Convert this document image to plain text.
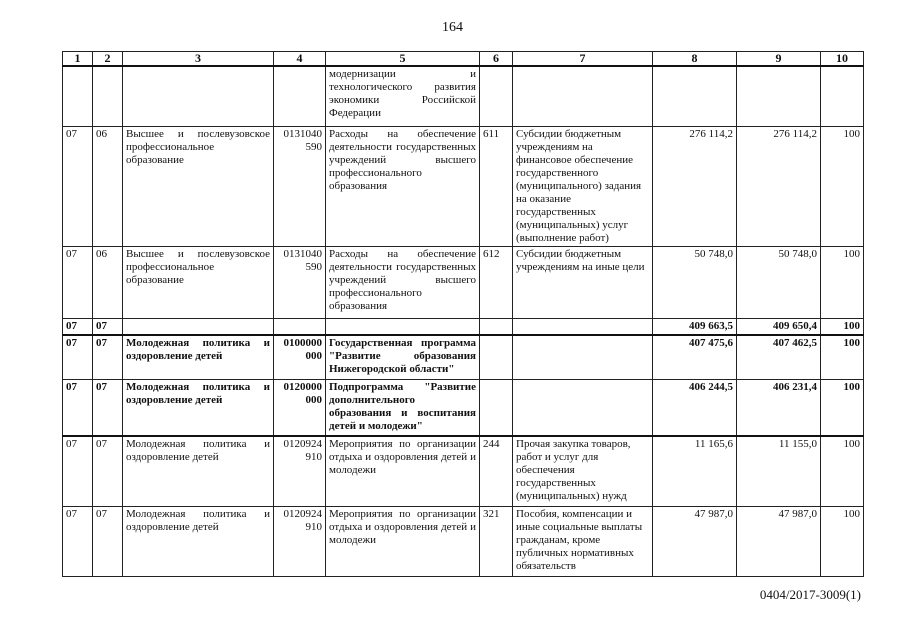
164
1	2	3	4	5	6	7	8	9	10
				модернизации и технологического развития экономики Российской Федерации					
07	06	Высшее и послевузовское профессиональное образование	0131040 590	Расходы на обеспечение деятельности государственных учреждений высшего профессионального образования	611	Субсидии бюджетным учреждениям на финансовое обеспечение государственного (муниципального) задания на оказание государственных (муниципальных) услуг (выполнение работ)	276 114,2	276 114,2	100
07	06	Высшее и послевузовское профессиональное образование	0131040 590	Расходы на обеспечение деятельности государственных учреждений высшего профессионального образования	612	Субсидии бюджетным учреждениям на иные цели	50 748,0	50 748,0	100
07	07						409 663,5	409 650,4	100
07	07	Молодежная политика и оздоровление детей	0100000 000	Государственная программа "Развитие образования Нижегородской области"			407 475,6	407 462,5	100
07	07	Молодежная политика и оздоровление детей	0120000 000	Подпрограмма "Развитие дополнительного образования и воспитания детей и молодежи"			406 244,5	406 231,4	100
07	07	Молодежная политика и оздоровление детей	0120924 910	Мероприятия по организации отдыха и оздоровления детей и молодежи	244	Прочая закупка товаров, работ и услуг для обеспечения государственных (муниципальных) нужд	11 165,6	11 155,0	100
07	07	Молодежная политика и оздоровление детей	0120924 910	Мероприятия по организации отдыха и оздоровления детей и молодежи	321	Пособия, компенсации и иные социальные выплаты гражданам, кроме публичных нормативных обязательств	47 987,0	47 987,0	100
0404/2017-3009(1)
